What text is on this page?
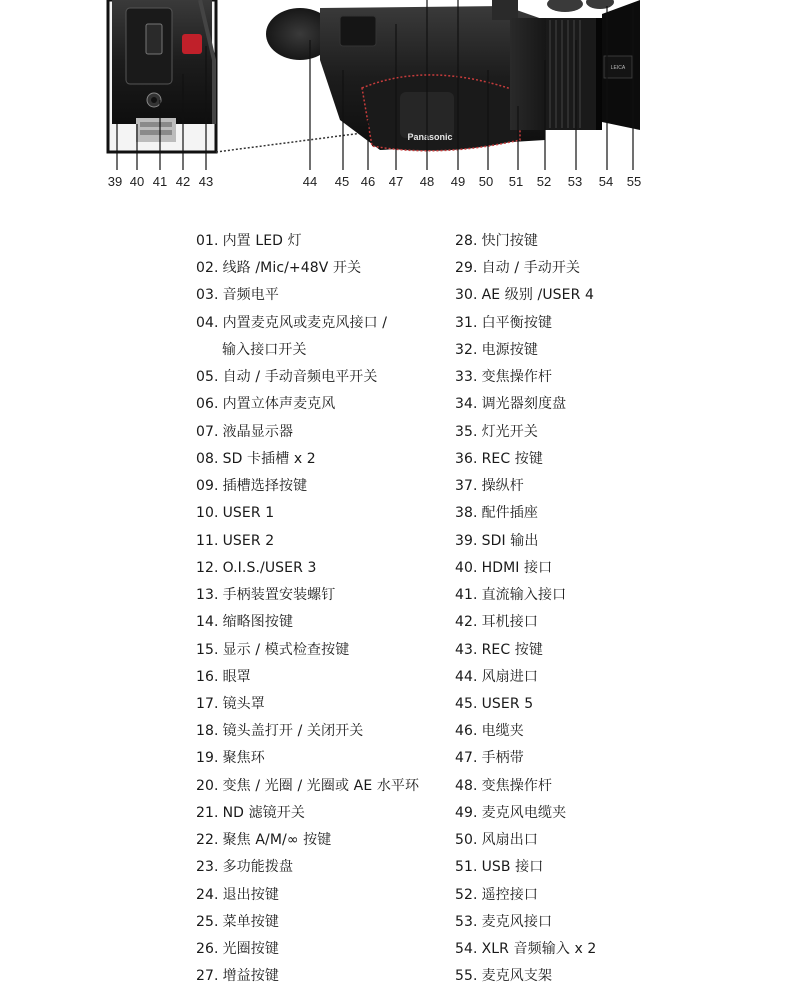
Panasonic
LEICA
39 40 41 42 43	44 45 46 47 48 49 50 51 52 53 54 55
01. 内置 LED 灯
02. 线路 /Mic/+48V 开关
03. 音频电平
04. 内置麦克风或麦克风接口 /
输入接口开关
05. 自动 / 手动音频电平开关
06. 内置立体声麦克风
07. 液晶显示器
08. SD 卡插槽 x 2
09. 插槽选择按键
10. USER 1
11. USER 2
12. O.I.S./USER 3
13. 手柄装置安装螺钉
14. 缩略图按键
15. 显示 / 模式检查按键
16. 眼罩
17. 镜头罩
18. 镜头盖打开 / 关闭开关
19. 聚焦环
20. 变焦 / 光圈 / 光圈或 AE 水平环
21. ND 滤镜开关
22. 聚焦 A/M/∞ 按键
23. 多功能拨盘
24. 退出按键
25. 菜单按键
26. 光圈按键
27. 增益按键
28. 快门按键
29. 自动 / 手动开关
30. AE 级别 /USER 4
31. 白平衡按键
32. 电源按键
33. 变焦操作杆
34. 调光器刻度盘
35. 灯光开关
36. REC 按键
37. 操纵杆
38. 配件插座
39. SDI 输出
40. HDMI 接口
41. 直流输入接口
42. 耳机接口
43. REC 按键
44. 风扇进口
45. USER 5
46. 电缆夹
47. 手柄带
48. 变焦操作杆
49. 麦克风电缆夹
50. 风扇出口
51. USB 接口
52. 遥控接口
53. 麦克风接口
54. XLR 音频输入 x 2
55. 麦克风支架
